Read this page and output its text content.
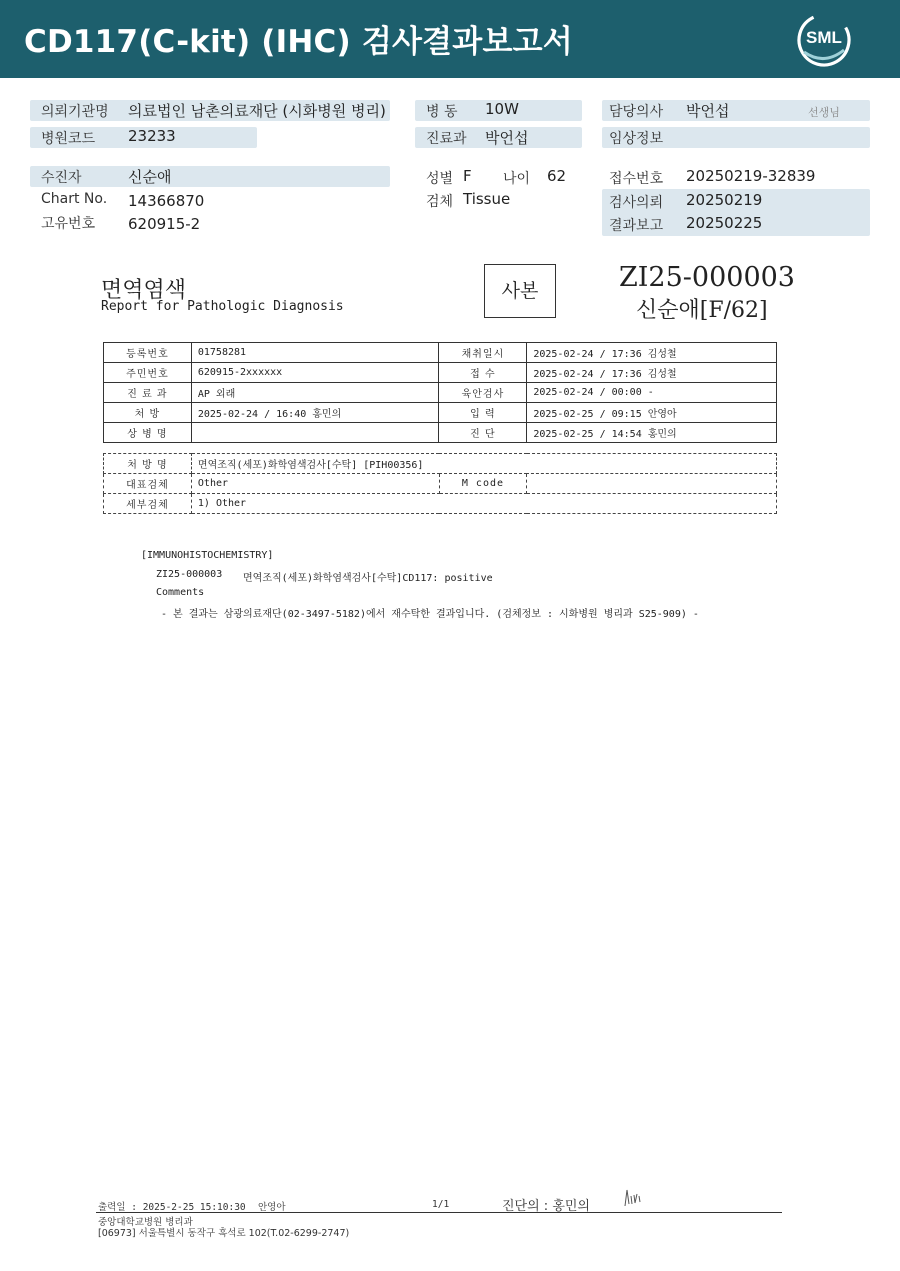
CD117(C-kit) (IHC) 검사결과보고서	SML
의뢰기관명 의료법인 남촌의료재단 (시화병원 병리)
병원코드 23233
병 동 10W
진료과 박언섭
담당의사 박언섭	선생님
임상정보
수진자	신순애
Chart No. 14366870
고유번호 620915-2
성별 F 나이 62
검체 Tissue
접수번호 20250219-32839
검사의뢰 20250219
결과보고 20250225
면역염색
Report for Pathologic Diagnosis
사본	ZI25-000003
신순애[F/62]
등록번호	01758281	채취일시	2025-02-24 / 17:36 김성철
주민번호	620915-2xxxxxx	접 수	2025-02-24 / 17:36 김성철
진 료 과	AP 외래	육안검사	2025-02-24 / 00:00 -
처 방	2025-02-24 / 16:40 홍민의	입 력	2025-02-25 / 09:15 안영아
상 병 명		진 단	2025-02-25 / 14:54 홍민의
처 방 명	면역조직(세포)화학염색검사[수탁] [PIH00356]		
대표검체	Other	M code	
세부검체	1) Other		
[IMMUNOHISTOCHEMISTRY]
ZI25-000003 면역조직(세포)화학염색검사[수탁]CD117: positive
Comments
- 본 결과는 삼광의료재단(02-3497-5182)에서 재수탁한 결과입니다. (검체정보 : 시화병원 병리과 S25-909) -
출력일 : 2025-2-25 15:10:30 안영아	1/1	진단의 : 홍민의
중앙대학교병원 병리과
[06973] 서울특별시 동작구 흑석로 102(T.02-6299-2747)
